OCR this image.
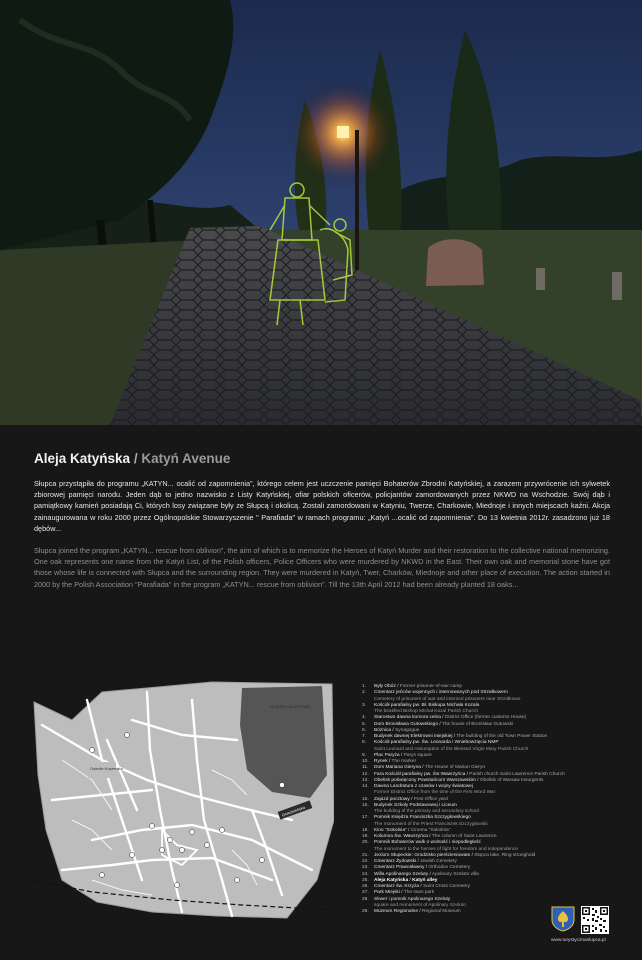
Aleja Katyńska / Katyń Avenue
Słupca przystąpiła do programu „KATYN... ocalić od zapomnienia”, którego celem jest uczczenie pamięci Bohaterów Zbrodni Katyńskiej, a zarazem przywrócenie ich sylwetek zbiorowej pamięci narodu. Jeden dąb to jedno nazwisko z Listy Katyńskiej, ofiar polskich oficerów, policjantów zamordowanych przez NKWD na Wschodzie. Swój dąb i pamiątkowy kamień posiadają Ci, których losy związane były ze Słupcą i okolicą. Zostali zamordowani w Katyniu, Twerze, Charkowie, Miednoje i innych miejscach kaźni. Akcja zainaugurowana w roku 2000 przez Ogólnopolskie Stowarzyszenie " Parafiada" w ramach programu: „Katyń ...ocalić od zapomnienia”. Do 13 kwietnia 2012r. zasadzono już 18 dębów...
Słupca joined the program „KATYN... rescue from oblivion”, the aim of which is to memorize the Heroes of Katyń Murder and their restoration to the collective national memorizing. One oak represents one name from the Katyń List, of the Polish officers, Police Officers who were murdered by NKWD in the East. Their own oak and memorial stone have got those whose life is connected with Słupca and the surrounding region. They were murdered in Katyń, Twer, Charków, Miednoje and other place of execution. The action started in 2000 by the Polish Association "Parafiada" in the program „KATYN... rescue from oblivion”. Till the 13th April 2012 had been already planted 18 oaks...
JEZIORO SŁUPECKIE
Gnieźnieńska
Osiedle Kopernika
1.	Były Obóz / Former prisoner-of-war camp
2.	Cmentarz jeńców wojennych i internowanych pod Strzałkowem
Cemetery of prisoners of war and interned prisoners near Strzałkowo
3.	Kościół parafialny pw. Bł. Biskupa Michała Kozala
The beatified Bishop Michał Kozal Parish Church
4.	Starostwo dawna komora celna / District Office (former customs House)
5.	Dom Bronisława Gutowskiego / The house of Bronisław Gutowski
6.	Bóżnica / Synagogue
7.	Budynek dawnej Elektrowni miejskiej / The building of the old Town Power Station
8.	Kościół parafialny pw. Św. Leonarda i Wniebowzięcia NMP
Saint Leonard and Assumption of the Blessed Virgin Mary Parish Church
9.	Plac Paryża / Parys square
10.	Rynek / The market
11.	Dom Mariana Gieryna / The House of Marian Gieryn
12.	Fara Kościół parafialny pw. Św Wawrzyńca / Parish church Saint Lawrence Parish Church
13.	Obelisk poświęcony Powstańcom Warszawskim / Obelisk of Warsaw Insurgents
14.	Dawna Landratura z czasów I wojny światowej
Former District Office from the time of the First Word War
15.	Zajazd pocztowy / Post Office yard
16.	Budynek Szkoły Podstawowej i Liceum
The building of the primary and secondary school
17.	Pomnik Księdza Franciszka Szczygłowskiego
The monument of the Priest Franciszek Szczygłowski
18.	Kino "Sokolnia" / Cinema "Sokolnia"
19.	Kolumna Św. Wawrzyńca / The column of Saint Lawrence
20.	Pomnik Bohaterów walk o wolność i niepodległość
The monument to the heroes of fight for freedom and independence
21.	Jezioro Słupeckie: Grodzisko pierścieniowate / Słupca lake, Ring stronghold
22.	Cmentarz Żydowski / Jewish Cemetery
23.	Cmentarz Prawosławny / Orthodox Cemetery
24.	Willa Apolinarego Szeluty / Apolinary Szeluto villa
25.	Aleja Katyńska / Katyń alley
26.	Cmentarz św. Krzyża / Saint Cross Cemetery
27.	Park Miejski / The town park
28.	Skwer i pomnik Apolinarego Szeluty
square and monument of Apolinary Szeluto
29.	Muzeum Regionalne / Regional Museum
www.turystycznaslupca.pl
